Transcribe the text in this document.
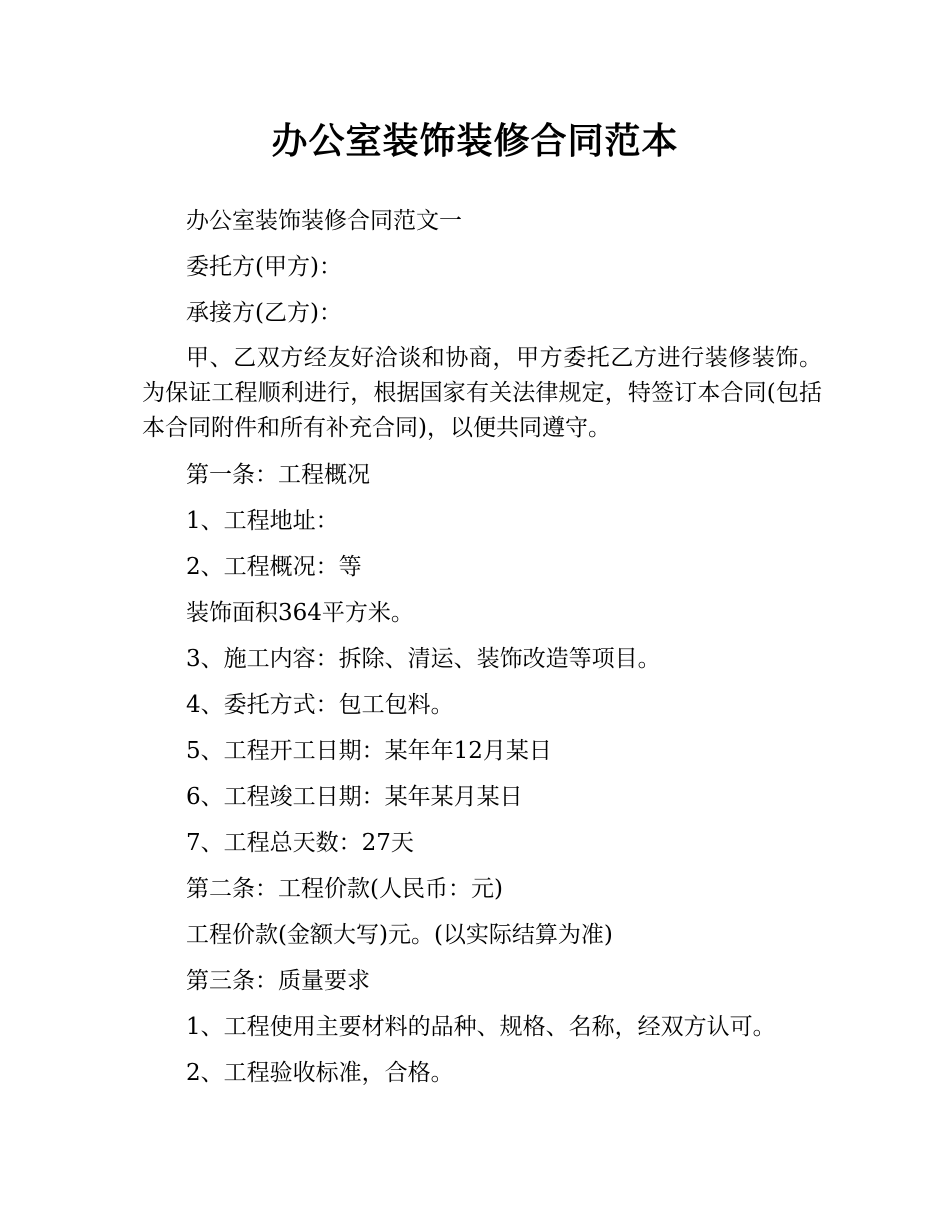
办公室装饰装修合同范本

办公室装饰装修合同范文一

委托方(甲方)：

承接方(乙方)：

甲、乙双方经友好洽谈和协商，甲方委托乙方进行装修装饰。为保证工程顺利进行，根据国家有关法律规定，特签订本合同(包括本合同附件和所有补充合同)，以便共同遵守。

第一条：工程概况

1、工程地址：

2、工程概况：等

装饰面积364平方米。

3、施工内容：拆除、清运、装饰改造等项目。

4、委托方式：包工包料。

5、工程开工日期：某年年12月某日

6、工程竣工日期：某年某月某日

7、工程总天数：27天

第二条：工程价款(人民币：元)

工程价款(金额大写)元。(以实际结算为准)

第三条：质量要求

1、工程使用主要材料的品种、规格、名称，经双方认可。

2、工程验收标准，合格。
